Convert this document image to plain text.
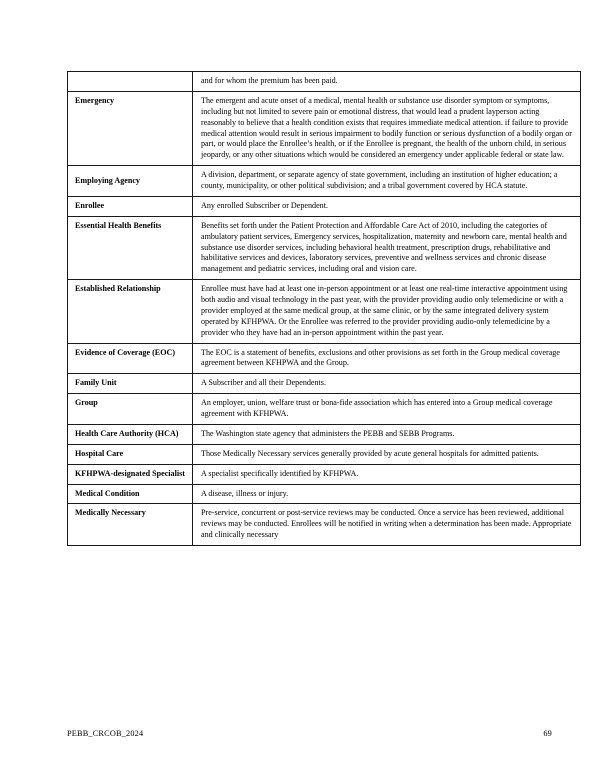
	and for whom the premium has been paid.
Emergency	The emergent and acute onset of a medical, mental health or substance use disorder symptom or symptoms, including but not limited to severe pain or emotional distress, that would lead a prudent layperson acting reasonably to believe that a health condition exists that requires immediate medical attention. if failure to provide medical attention would result in serious impairment to bodily function or serious dysfunction of a bodily organ or part, or would place the Enrollee’s health, or if the Enrollee is pregnant, the health of the unborn child, in serious jeopardy, or any other situations which would be considered an emergency under applicable federal or state law.
Employing Agency	A division, department, or separate agency of state government, including an institution of higher education; a county, municipality, or other political subdivision; and a tribal government covered by HCA statute.
Enrollee	Any enrolled Subscriber or Dependent.
Essential Health Benefits	Benefits set forth under the Patient Protection and Affordable Care Act of 2010, including the categories of ambulatory patient services, Emergency services, hospitalization, maternity and newborn care, mental health and substance use disorder services, including behavioral health treatment, prescription drugs, rehabilitative and habilitative services and devices, laboratory services, preventive and wellness services and chronic disease management and pediatric services, including oral and vision care.
Established Relationship	Enrollee must have had at least one in-person appointment or at least one real-time interactive appointment using both audio and visual technology in the past year, with the provider providing audio only telemedicine or with a provider employed at the same medical group, at the same clinic, or by the same integrated delivery system operated by KFHPWA. Or the Enrollee was referred to the provider providing audio-only telemedicine by a provider who they have had an in-person appointment within the past year.
Evidence of Coverage (EOC)	The EOC is a statement of benefits, exclusions and other provisions as set forth in the Group medical coverage agreement between KFHPWA and the Group.
Family Unit	A Subscriber and all their Dependents.
Group	An employer, union, welfare trust or bona-fide association which has entered into a Group medical coverage agreement with KFHPWA.
Health Care Authority (HCA)	The Washington state agency that administers the PEBB and SEBB Programs.
Hospital Care	Those Medically Necessary services generally provided by acute general hospitals for admitted patients.
KFHPWA-designated Specialist	A specialist specifically identified by KFHPWA.
Medical Condition	A disease, illness or injury.
Medically Necessary	Pre-service, concurrent or post-service reviews may be conducted. Once a service has been reviewed, additional reviews may be conducted. Enrollees will be notified in writing when a determination has been made. Appropriate and clinically necessary
PEBB_CRCOB_2024	69
